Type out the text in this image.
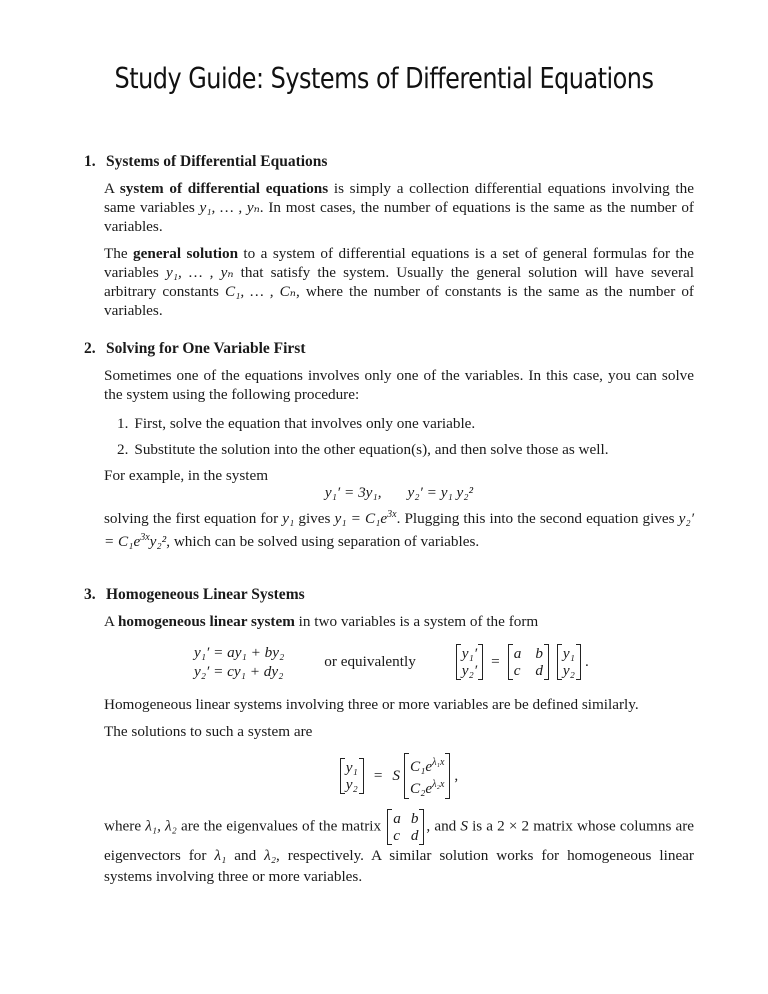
Study Guide: Systems of Differential Equations
1. Systems of Differential Equations

A system of differential equations is simply a collection differential equations involving the same variables y₁, … , yₙ. In most cases, the number of equations is the same as the number of variables.

The general solution to a system of differential equations is a set of general formulas for the variables y₁, … , yₙ that satisfy the system. Usually the general solution will have several arbitrary constants C₁, … , Cₙ, where the number of constants is the same as the number of variables.

2. Solving for One Variable First

Sometimes one of the equations involves only one of the variables. In this case, you can solve the system using the following procedure:

1. First, solve the equation that involves only one variable.
2. Substitute the solution into the other equation(s), and then solve those as well.

For example, in the system

y₁′ = 3y₁, y₂′ = y₁ y₂²

solving the first equation for y₁ gives $y_1 = C_1e^{3x}$. Plugging this into the second equation gives $y_2' = C_1e^{3x}y_2^2$, which can be solved using separation of variables.

3. Homogeneous Linear Systems

A homogeneous linear system in two variables is a system of the form

y₁′ = ay₁ + by₂
y₂′ = cy₁ + dy₂
or equivalently	y₁′
y₂′
= a b
c d
y₁
y₂
.

Homogeneous linear systems involving three or more variables are be defined similarly.

The solutions to such a system are

y₁
y₂
= S
$C_1e^{\lambda_1x}$
$C_2e^{\lambda_2x}$
,

where λ₁, λ₂ are the eigenvalues of the matrix a b
c d
, and S is a 2 × 2 matrix whose columns are eigenvectors for λ₁ and λ₂, respectively. A similar solution works for homogeneous linear systems involving three or more variables.
